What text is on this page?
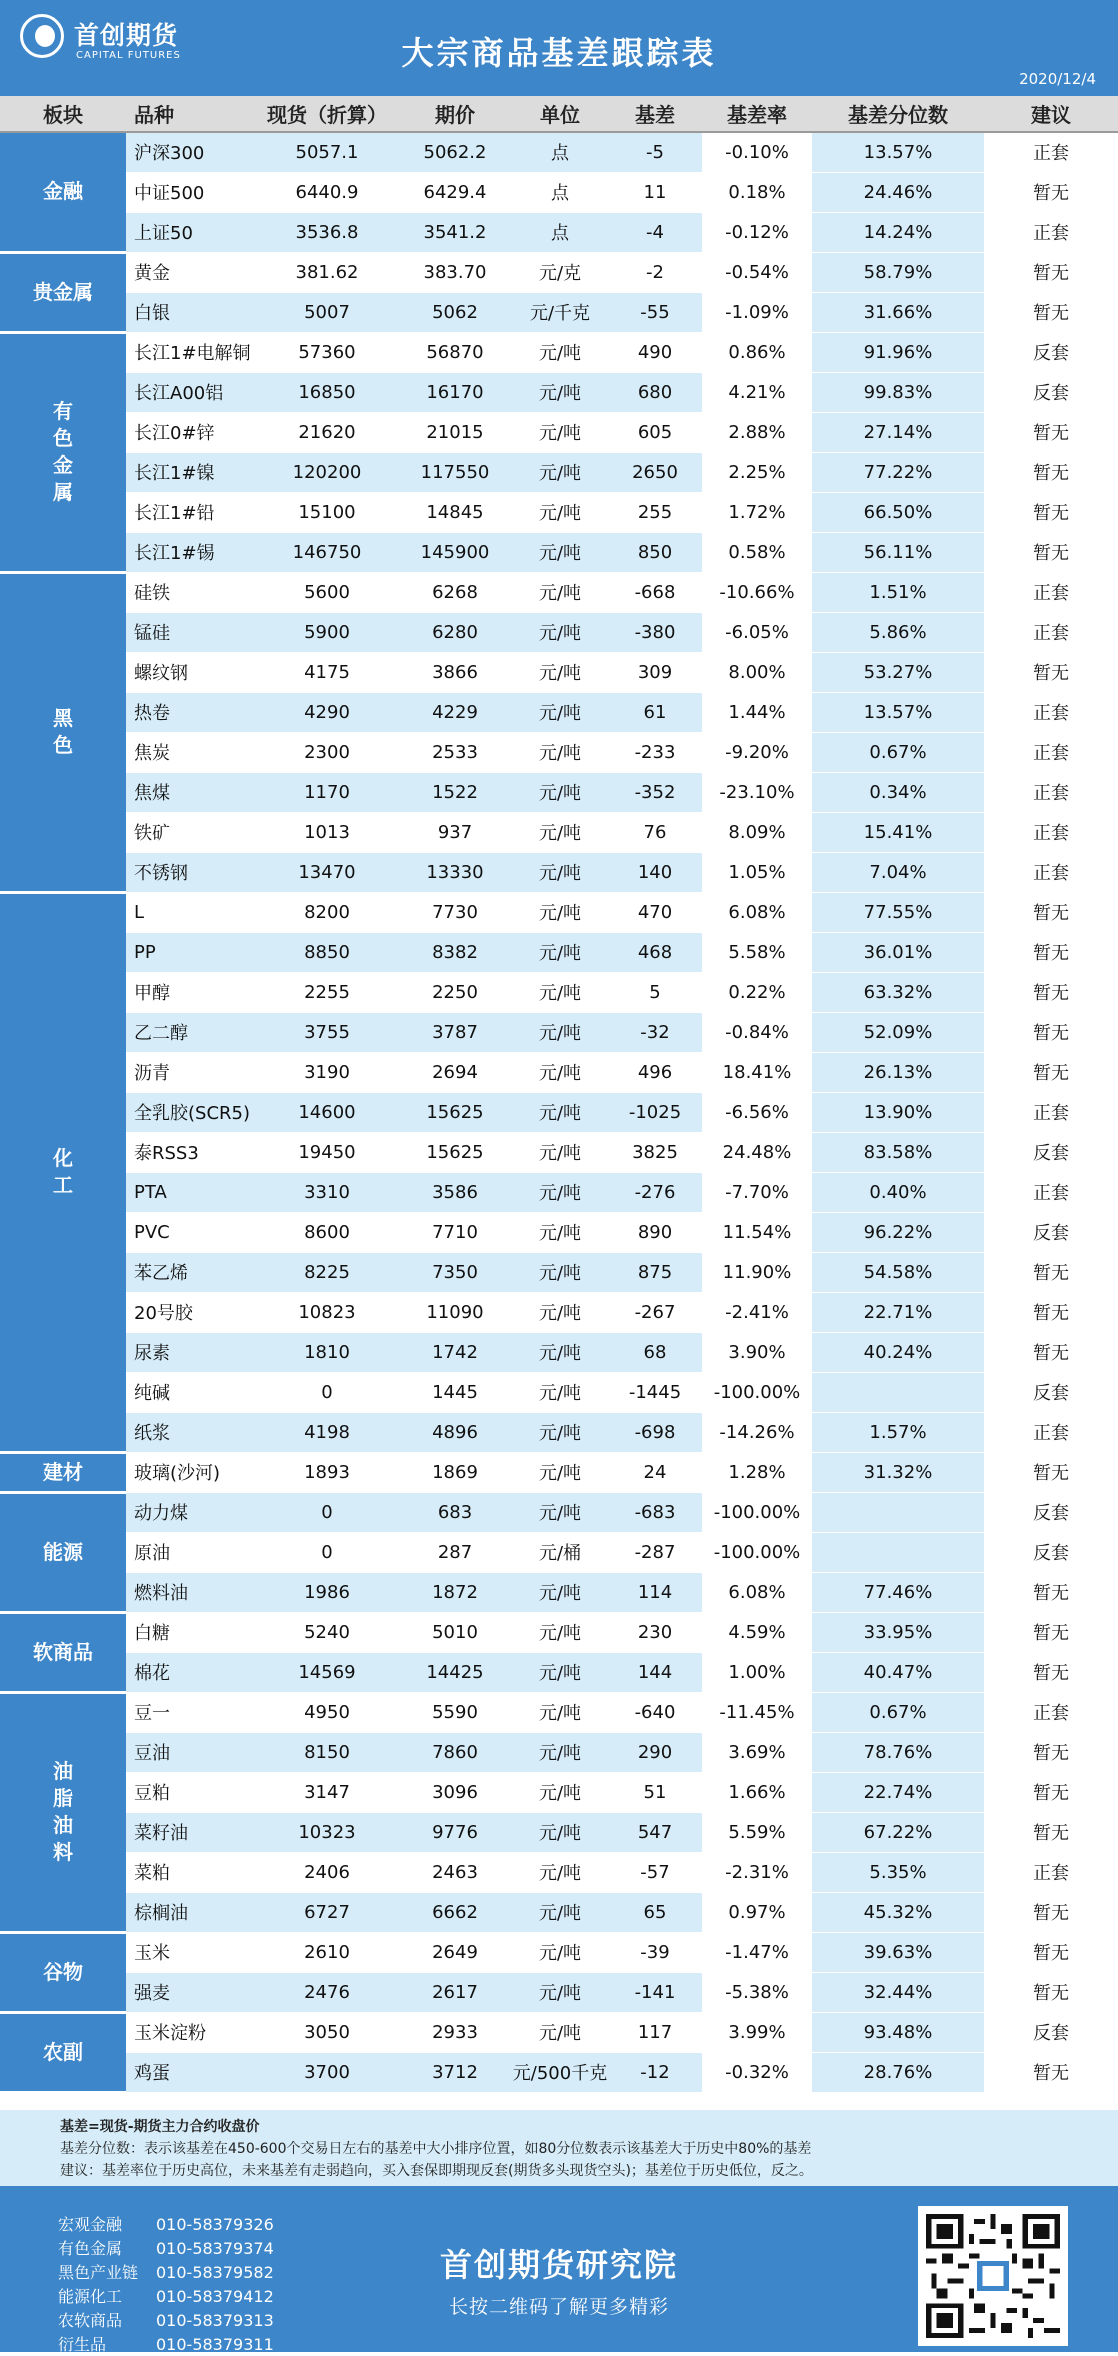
首创期货
CAPITAL FUTURES	大宗商品基差跟踪表
2020/12/4
板块	品种	现货（折算）	期价	单位	基差	基差率	基差分位数	建议
金融	沪深300	5057.1	5062.2	点	-5	-0.10%	13.57%	正套
	中证500	6440.9	6429.4	点	11	0.18%	24.46%	暂无
	上证50	3536.8	3541.2	点	-4	-0.12%	14.24%	正套
贵金属	黄金	381.62	383.70	元/克	-2	-0.54%	58.79%	暂无
	白银	5007	5062	元/千克	-55	-1.09%	31.66%	暂无
有
色
金
属	长江1#电解铜	57360	56870	元/吨	490	0.86%	91.96%	反套
	长江A00铝	16850	16170	元/吨	680	4.21%	99.83%	反套
	长江0#锌	21620	21015	元/吨	605	2.88%	27.14%	暂无
	长江1#镍	120200	117550	元/吨	2650	2.25%	77.22%	暂无
	长江1#铅	15100	14845	元/吨	255	1.72%	66.50%	暂无
	长江1#锡	146750	145900	元/吨	850	0.58%	56.11%	暂无
黑
色	硅铁	5600	6268	元/吨	-668	-10.66%	1.51%	正套
	锰硅	5900	6280	元/吨	-380	-6.05%	5.86%	正套
	螺纹钢	4175	3866	元/吨	309	8.00%	53.27%	暂无
	热卷	4290	4229	元/吨	61	1.44%	13.57%	正套
	焦炭	2300	2533	元/吨	-233	-9.20%	0.67%	正套
	焦煤	1170	1522	元/吨	-352	-23.10%	0.34%	正套
	铁矿	1013	937	元/吨	76	8.09%	15.41%	正套
	不锈钢	13470	13330	元/吨	140	1.05%	7.04%	正套
化
工	L	8200	7730	元/吨	470	6.08%	77.55%	暂无
	PP	8850	8382	元/吨	468	5.58%	36.01%	暂无
	甲醇	2255	2250	元/吨	5	0.22%	63.32%	暂无
	乙二醇	3755	3787	元/吨	-32	-0.84%	52.09%	暂无
	沥青	3190	2694	元/吨	496	18.41%	26.13%	暂无
	全乳胶(SCR5)	14600	15625	元/吨	-1025	-6.56%	13.90%	正套
	泰RSS3	19450	15625	元/吨	3825	24.48%	83.58%	反套
	PTA	3310	3586	元/吨	-276	-7.70%	0.40%	正套
	PVC	8600	7710	元/吨	890	11.54%	96.22%	反套
	苯乙烯	8225	7350	元/吨	875	11.90%	54.58%	暂无
	20号胶	10823	11090	元/吨	-267	-2.41%	22.71%	暂无
	尿素	1810	1742	元/吨	68	3.90%	40.24%	暂无
	纯碱	0	1445	元/吨	-1445	-100.00%		反套
	纸浆	4198	4896	元/吨	-698	-14.26%	1.57%	正套
建材	玻璃(沙河)	1893	1869	元/吨	24	1.28%	31.32%	暂无
能源	动力煤	0	683	元/吨	-683	-100.00%		反套
	原油	0	287	元/桶	-287	-100.00%		反套
	燃料油	1986	1872	元/吨	114	6.08%	77.46%	暂无
软商品	白糖	5240	5010	元/吨	230	4.59%	33.95%	暂无
	棉花	14569	14425	元/吨	144	1.00%	40.47%	暂无
油
脂
油
料	豆一	4950	5590	元/吨	-640	-11.45%	0.67%	正套
	豆油	8150	7860	元/吨	290	3.69%	78.76%	暂无
	豆粕	3147	3096	元/吨	51	1.66%	22.74%	暂无
	菜籽油	10323	9776	元/吨	547	5.59%	67.22%	暂无
	菜粕	2406	2463	元/吨	-57	-2.31%	5.35%	正套
	棕榈油	6727	6662	元/吨	65	0.97%	45.32%	暂无
谷物	玉米	2610	2649	元/吨	-39	-1.47%	39.63%	暂无
	强麦	2476	2617	元/吨	-141	-5.38%	32.44%	暂无
农副	玉米淀粉	3050	2933	元/吨	117	3.99%	93.48%	反套
	鸡蛋	3700	3712	元/500千克	-12	-0.32%	28.76%	暂无
基差=现货-期货主力合约收盘价
基差分位数：表示该基差在450-600个交易日左右的基差中大小排序位置，如80分位数表示该基差大于历史中80%的基差
建议：基差率位于历史高位，未来基差有走弱趋向，买入套保即期现反套(期货多头现货空头)；基差位于历史低位，反之。
宏观金融 010-58379326
有色金属 010-58379374
黑色产业链 010-58379582
能源化工 010-58379412
农软商品 010-58379313
衍生品	010-58379311
首创期货研究院
长按二维码了解更多精彩
